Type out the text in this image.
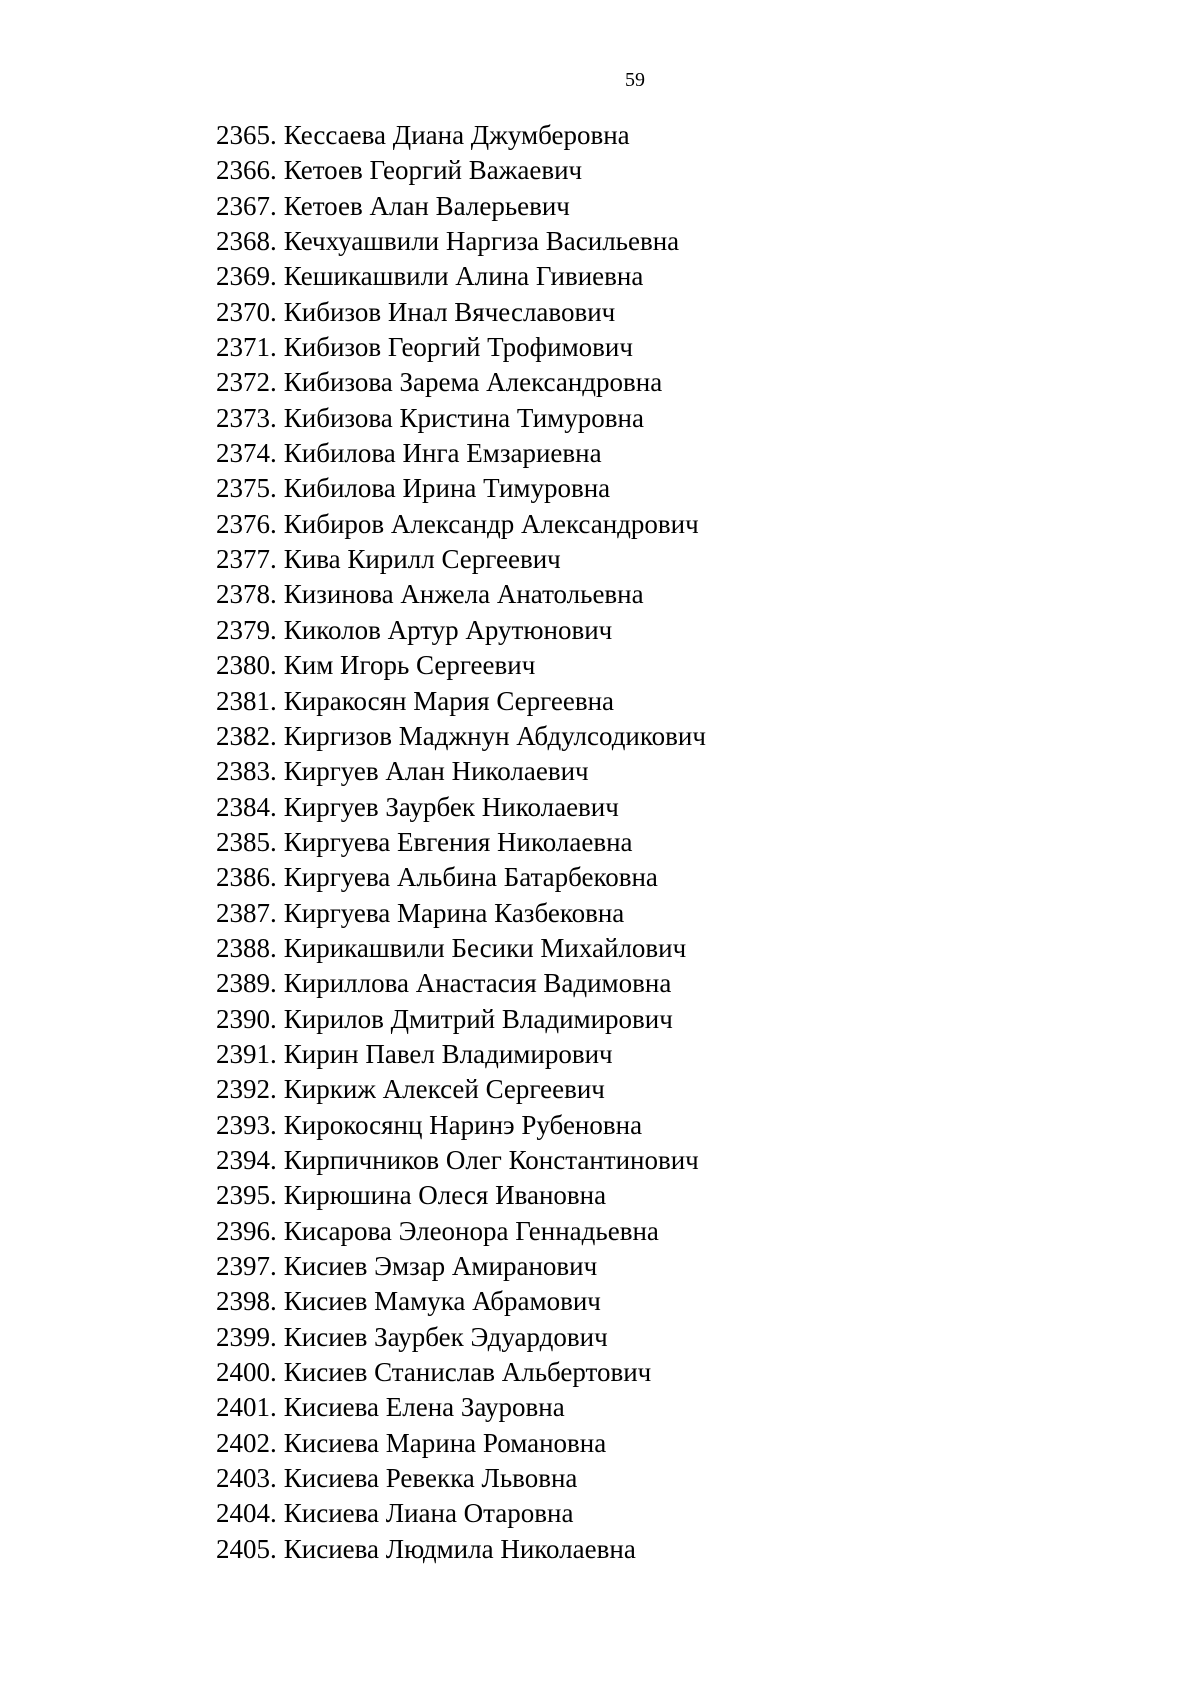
59
2365. Кессаева Диана Джумберовна
2366. Кетоев Георгий Важаевич
2367. Кетоев Алан Валерьевич
2368. Кечхуашвили Наргиза Васильевна
2369. Кешикашвили Алина Гивиевна
2370. Кибизов Инал Вячеславович
2371. Кибизов Георгий Трофимович
2372. Кибизова Зарема Александровна
2373. Кибизова Кристина Тимуровна
2374. Кибилова Инга Емзариевна
2375. Кибилова Ирина Тимуровна
2376. Кибиров Александр Александрович
2377. Кива Кирилл Сергеевич
2378. Кизинова Анжела Анатольевна
2379. Киколов Артур Арутюнович
2380. Ким Игорь Сергеевич
2381. Киракосян Мария Сергеевна
2382. Киргизов Маджнун Абдулсодикович
2383. Киргуев Алан Николаевич
2384. Киргуев Заурбек Николаевич
2385. Киргуева Евгения Николаевна
2386. Киргуева Альбина Батарбековна
2387. Киргуева Марина Казбековна
2388. Кирикашвили Бесики Михайлович
2389. Кириллова Анастасия Вадимовна
2390. Кирилов Дмитрий Владимирович
2391. Кирин Павел Владимирович
2392. Киркиж Алексей Сергеевич
2393. Кирокосянц Наринэ Рубеновна
2394. Кирпичников Олег Константинович
2395. Кирюшина Олеся Ивановна
2396. Кисарова Элеонора Геннадьевна
2397. Кисиев Эмзар Амиранович
2398. Кисиев Мамука Абрамович
2399. Кисиев Заурбек Эдуардович
2400. Кисиев Станислав Альбертович
2401. Кисиева Елена Зауровна
2402. Кисиева Марина Романовна
2403. Кисиева Ревекка Львовна
2404. Кисиева Лиана Отаровна
2405. Кисиева Людмила Николаевна
